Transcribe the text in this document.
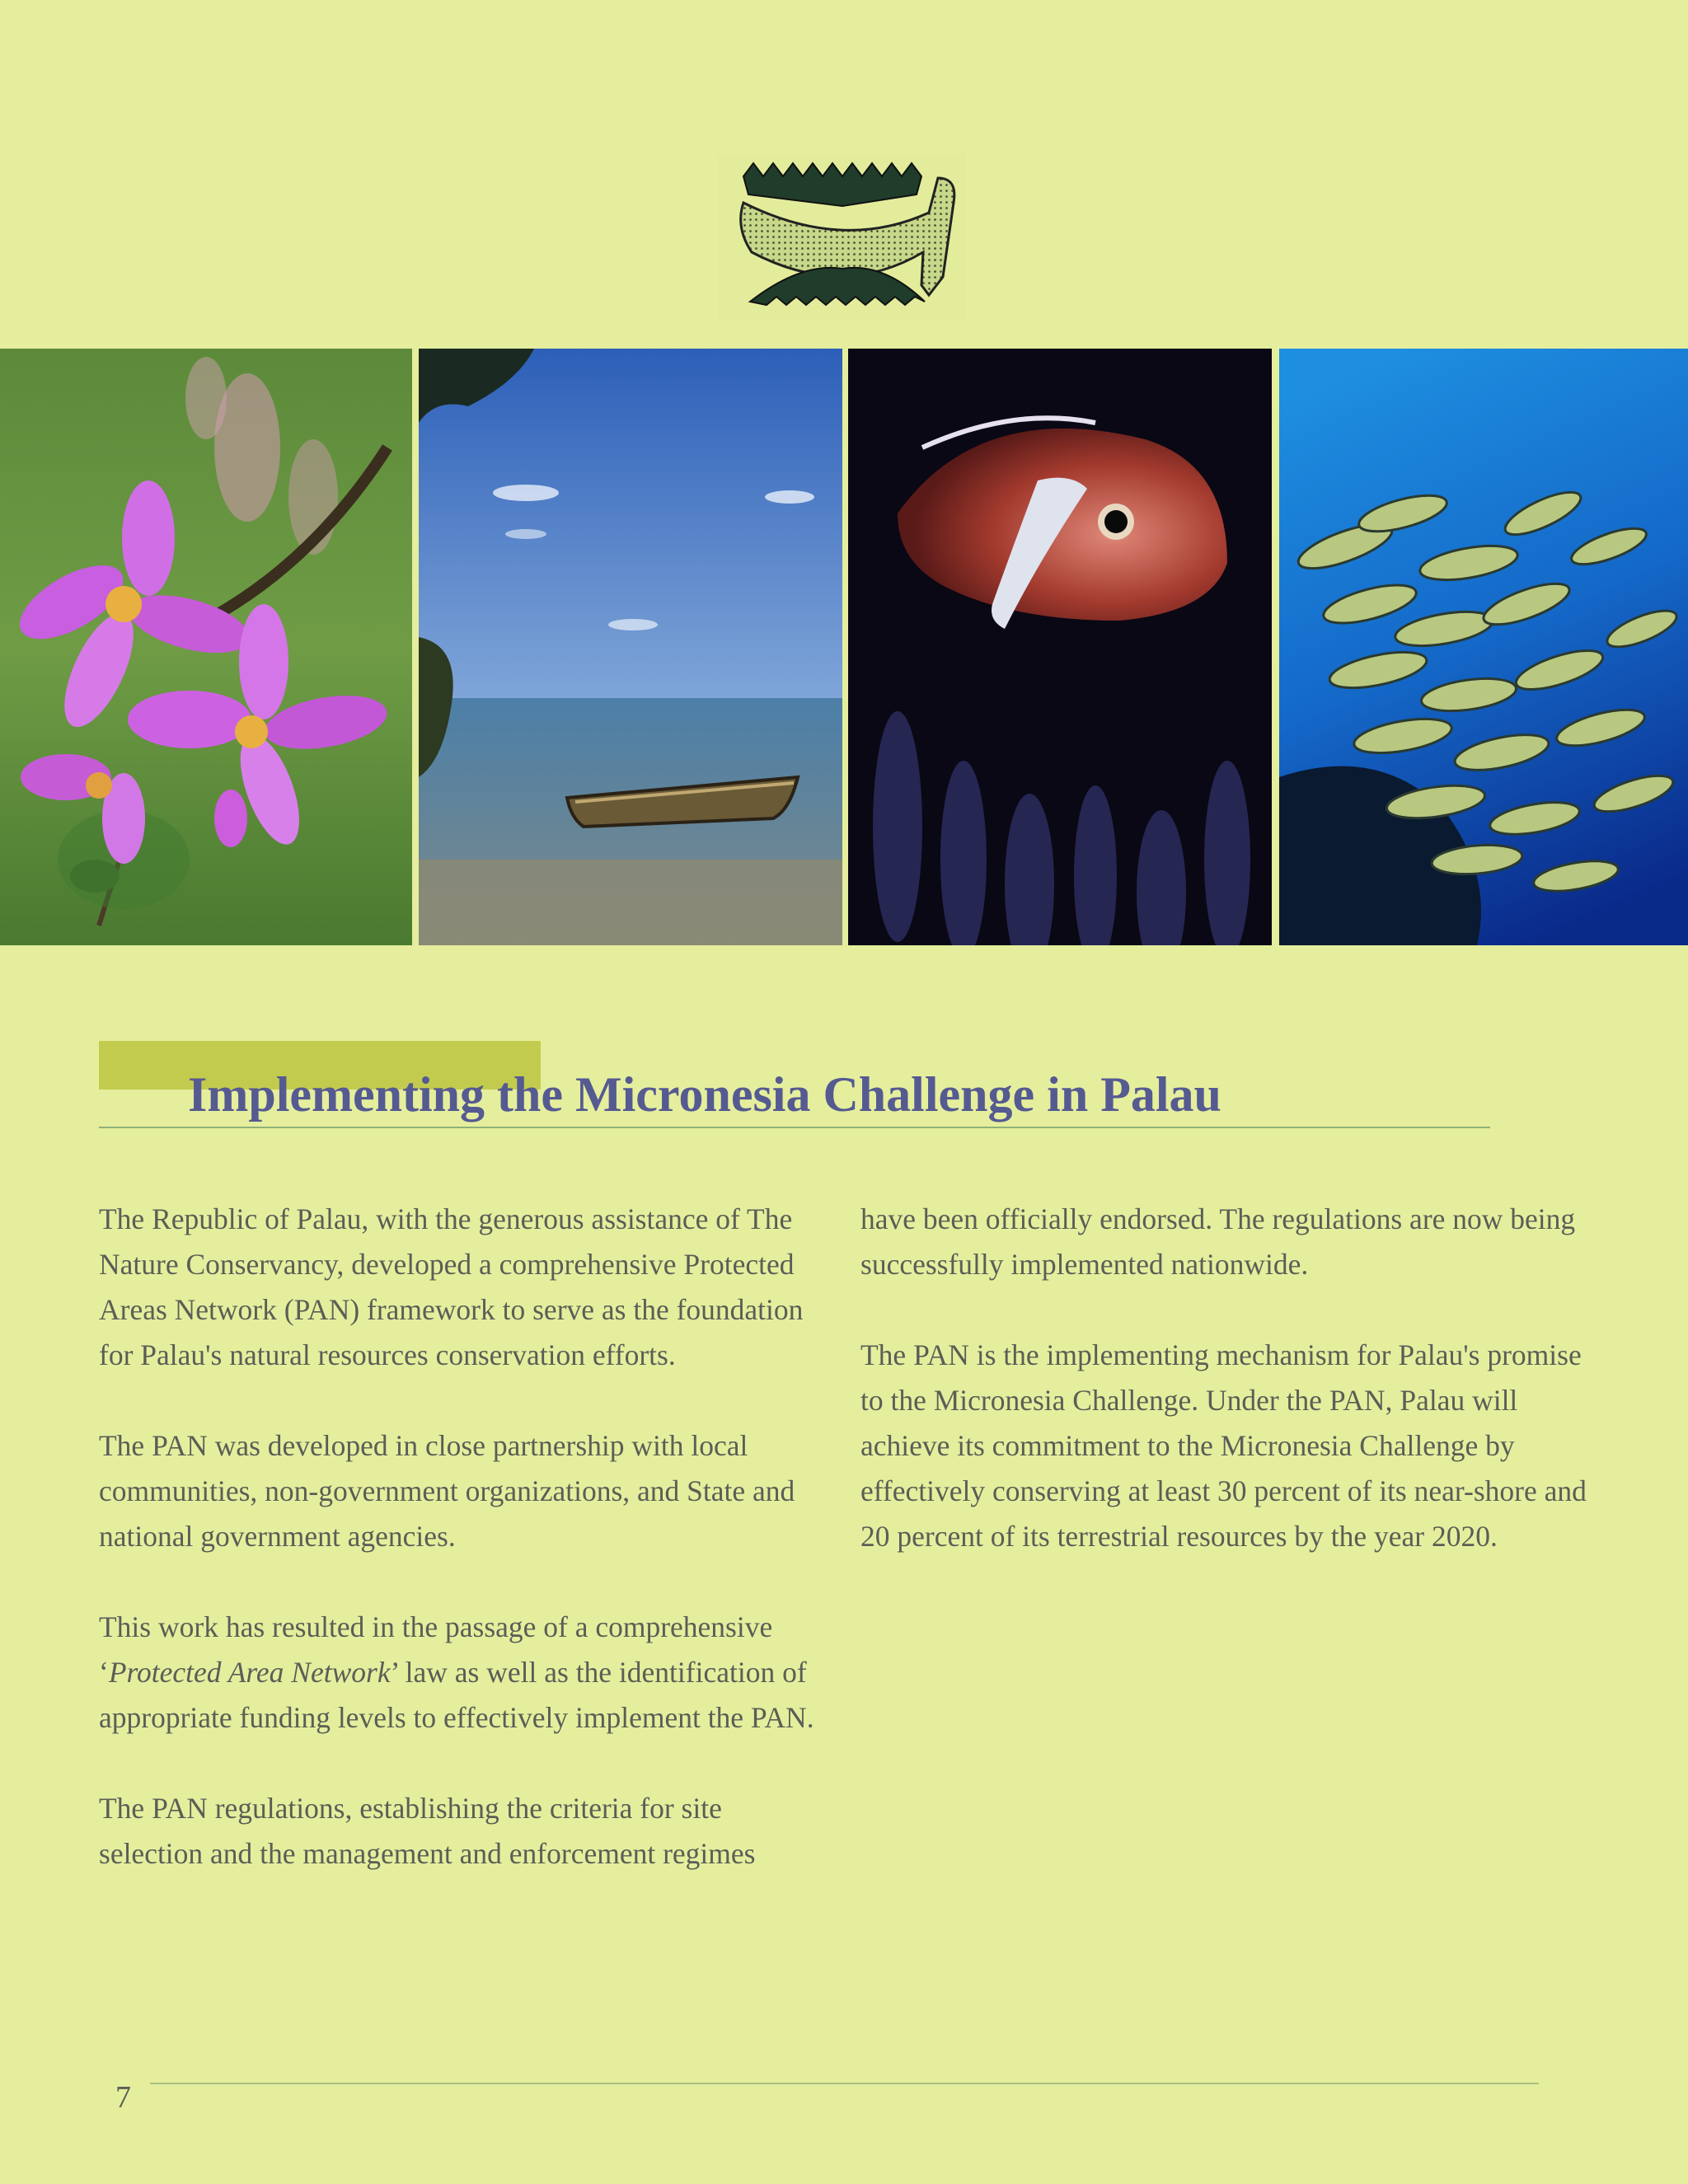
Implementing the Micronesia Challenge in Palau

The Republic of Palau, with the generous assistance of The Nature Conservancy, developed a comprehensive Protected Areas Network (PAN) framework to serve as the foundation for Palau's natural resources conservation efforts.

The PAN was developed in close partnership with local communities, non-government organizations, and State and national government agencies.

This work has resulted in the passage of a comprehensive ‘Protected Area Network’ law as well as the identification of appropriate funding levels to effectively implement the PAN.

The PAN regulations, establishing the criteria for site selection and the management and enforcement regimes

have been officially endorsed. The regulations are now being successfully implemented nationwide.

The PAN is the implementing mechanism for Palau's promise to the Micronesia Challenge. Under the PAN, Palau will achieve its commitment to the Micronesia Challenge by effectively conserving at least 30 percent of its near-shore and 20 percent of its terrestrial resources by the year 2020.

7
